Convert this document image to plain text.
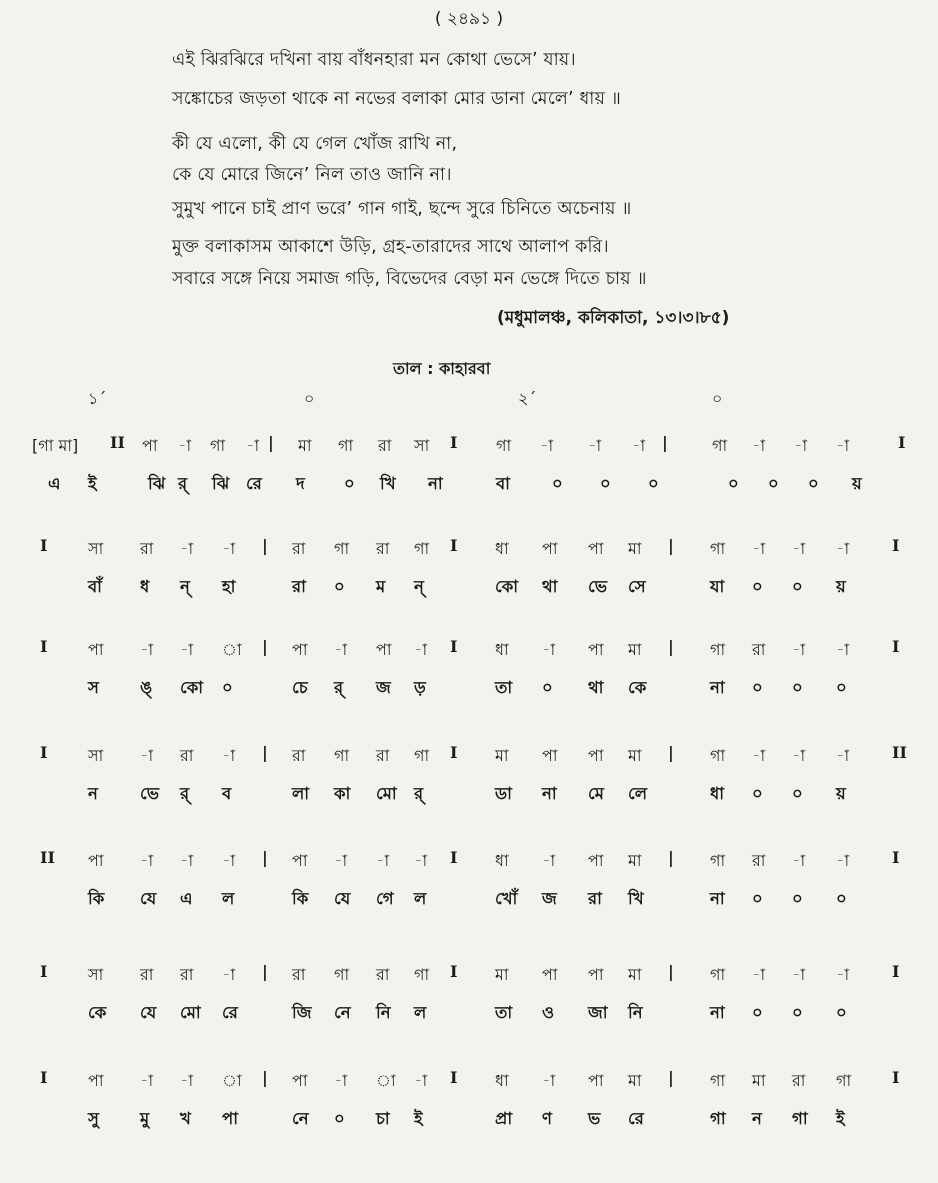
( ২৪৯১ )
এই ঝিরঝিরে দখিনা বায় বাঁধনহারা মন কোথা ভেসে’ যায়।
সঙ্কোচের জড়তা থাকে না নভের বলাকা মোর ডানা মেলে’ ধায় ॥
কী যে এলো, কী যে গেল খোঁজ রাখি না,
কে যে মোরে জিনে’ নিল তাও জানি না।
সুমুখ পানে চাই প্রাণ ভরে’ গান গাই, ছন্দে সুরে চিনিতে অচেনায় ॥
মুক্ত বলাকাসম আকাশে উড়ি, গ্রহ-তারাদের সাথে আলাপ করি।
সবারে সঙ্গে নিয়ে সমাজ গড়ি, বিভেদের বেড়া মন ভেঙ্গে দিতে চায় ॥
(মধুমালঞ্চ, কলিকাতা, ১৩।৩।৮৫)
তাল : কাহারবা
১´	০	২´	০
[গা মা] II পা -া গা -া | মা গা রা সা I গা -া -া -া |	গা -া -া -া	I
এ ই	ঝি র্ ঝি রে দ ০ খি না	বা	০ ০ ০	০ ০ ০ য়
I	সা রা -া -া | রা গা রা গা I ধা পা পা মা | গা -া -া -া	I
বাঁ ধ ন্ হা	রা ০ ম ন্	কো থা ভে সে	যা ০ ০ য়
I	পা -া -া া | পা -া পা -া I ধা -া পা মা | গা রা -া -া	I
স ঙ্ কো ০	চে র্ জ ড়	তা ০ থা কে	না ০ ০ ০
I	সা -া রা -া | রা গা রা গা I মা পা পা মা | গা -া -া -া	II
ন	ভে র্ ব	লা কা মো র্	ডা না মে লে	ধা ০ ০ য়
II পা -া -া -া | পা -া -া -া I ধা -া পা মা | গা রা -া -া	I
কি যে এ ল	কি যে গে ল	খোঁ জ রা খি	না ০ ০ ০
I	সা রা রা -া | রা গা রা গা I মা পা পা মা | গা -া -া -া	I
কে যে মো রে	জি নে নি ল	তা ও জা নি	না ০ ০ ০
I	পা -া -া া | পা -া া -া I ধা -া পা মা | গা মা রা গা	I
সু মু খ পা	নে ০ চা ই	প্রা ণ ভ রে	গা ন গা ই
